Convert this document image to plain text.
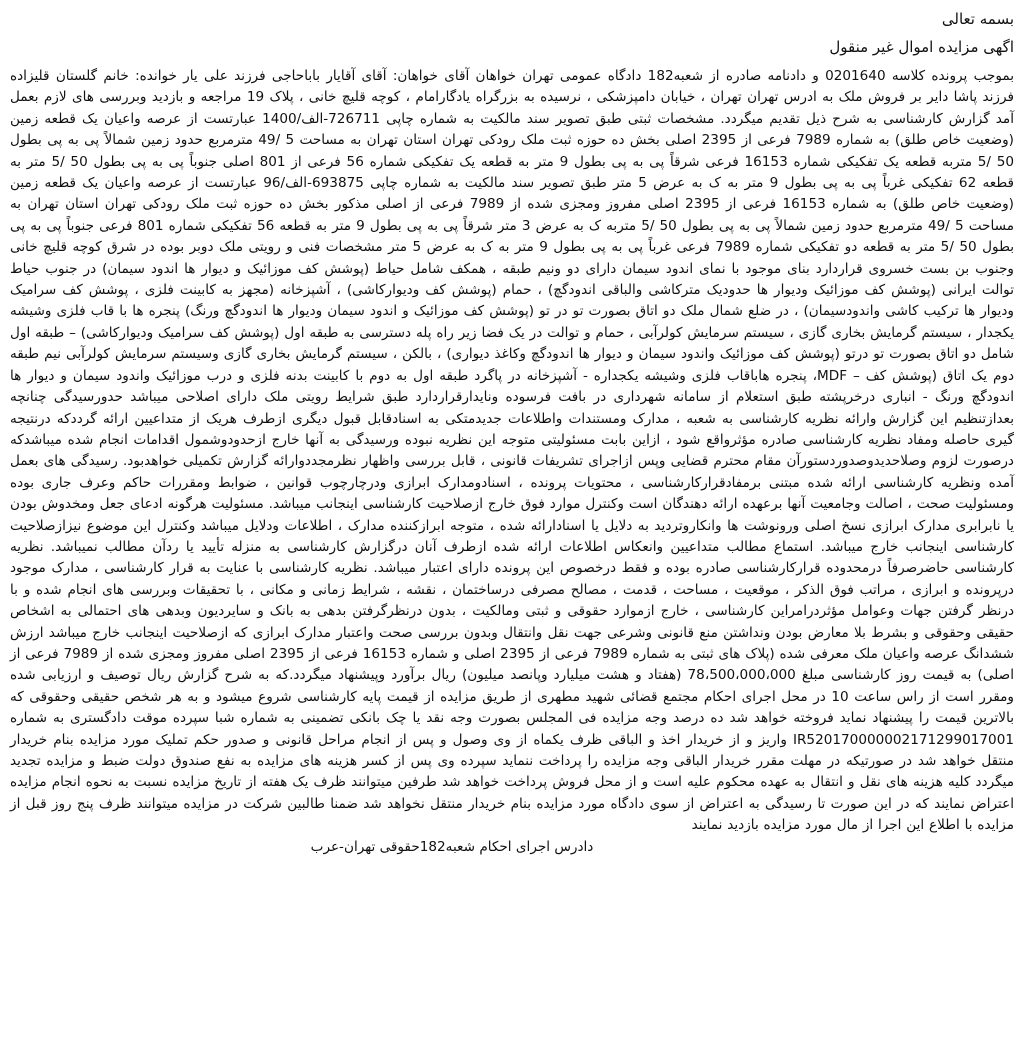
بسمه تعالی
اگهی مزایده اموال غیر منقول

بموجب پرونده کلاسه 0201640 و دادنامه صادره از شعبه182 دادگاه عمومی تهران خواهان آقای خواهان: آقای آقایار باباحاجی فرزند علی یار خوانده: خانم گلستان قلیزاده فرزند پاشا دایر بر فروش ملک به ادرس تهران تهران ، خیابان دامپزشکی ، نرسیده به بزرگراه یادگارامام ، کوچه قلیچ خانی ، پلاک 19 مراجعه و بازدید وبررسی های لازم بعمل آمد گزارش کارشناسی به شرح ذیل تقدیم میگردد. مشخصات ثبتی طبق تصویر سند مالکیت به شماره چاپی 726711-الف/1400 عبارتست از عرصه واعیان یک قطعه زمین (وضعیت خاص طلق) به شماره 7989 فرعی از 2395 اصلی بخش ده حوزه ثبت ملک رودکی تهران استان تهران به مساحت 5 /49 مترمربع حدود زمین شمالاً پی به پی بطول 50 /5 متربه قطعه یک تفکیکی شماره 16153 فرعی شرقاً پی به پی بطول 9 متر به قطعه یک تفکیکی شماره 56 فرعی از 801 اصلی جنوباً پی به پی بطول 50 /5 متر به قطعه 62 تفکیکی غرباً پی به پی بطول 9 متر به ک به عرض 5 متر طبق تصویر سند مالکیت به شماره چاپی 693875-الف/96 عبارتست از عرصه واعیان یک قطعه زمین (وضعیت خاص طلق) به شماره 16153 فرعی از 2395 اصلی مفروز ومجزی شده از 7989 فرعی از اصلی مذکور بخش ده حوزه ثبت ملک رودکی تهران استان تهران به مساحت 5 /49 مترمربع حدود زمین شمالاً پی به پی بطول 50 /5 متربه ک به عرض 3 متر شرقاً پی به پی بطول 9 متر به قطعه 56 تفکیکی شماره 801 فرعی جنوباً پی به پی بطول 50 /5 متر به قطعه دو تفکیکی شماره 7989 فرعی غرباً پی به پی بطول 9 متر به ک به عرض 5 متر مشخصات فنی و رویتی ملک دوبر بوده در شرق کوچه قلیچ خانی وجنوب بن بست خسروی قراردارد بنای موجود با نمای اندود سیمان دارای دو ونیم طبقه ، همکف شامل حیاط (پوشش کف موزائیک و دیوار ها اندود سیمان) در جنوب حیاط توالت ایرانی (پوشش کف موزائیک ودیوار ها حدودیک مترکاشی والباقی اندودگچ) ، حمام (پوشش کف ودیوارکاشی) ، آشپزخانه (مجهز به کابینت فلزی ، پوشش کف سرامیک ودیوار ها ترکیب کاشی واندودسیمان) ، در ضلع شمال ملک دو اتاق بصورت تو در تو (پوشش کف موزائیک و اندود سیمان ودیوار ها اندودگچ ورنگ) پنجره ها با قاب فلزی وشیشه یکجدار ، سیستم گرمایش بخاری گازی ، سیستم سرمایش کولرآبی ، حمام و توالت در یک فضا زیر راه پله دسترسی به طبقه اول (پوشش کف سرامیک ودیوارکاشی) – طبقه اول شامل دو اتاق بصورت تو درتو (پوشش کف موزائیک واندود سیمان و دیوار ها اندودگچ وکاغذ دیواری) ، بالکن ، سیستم گرمایش بخاری گازی وسیستم سرمایش کولرآبی نیم طبقه دوم یک اتاق (پوشش کف – MDF، پنجره هاباقاب فلزی وشیشه یکجداره - آشپزخانه در پاگرد طبقه اول به دوم با کابینت بدنه فلزی و درب موزائیک واندود سیمان و دیوار ها اندودگچ ورنگ - انباری درخرپشته طبق استعلام از سامانه شهرداری در بافت فرسوده ونایدارقراردارد طبق شرایط رویتی ملک دارای اصلاحی میباشد حدورسیدگی چنانچه بعدازتنظیم این گزارش وارائه نظریه کارشناسی به شعبه ، مدارک ومستندات واطلاعات جدیدمتکی به اسنادقابل قبول دیگری ازطرف هریک از متداعیین ارائه گرددکه درنتیجه گیری حاصله ومفاد نظریه کارشناسی صادره مؤثرواقع شود ، ازاین بابت مسئولیتی متوجه این نظریه نبوده ورسیدگی به آنها خارج ازحدودوشمول اقدامات انجام شده میباشدکه درصورت لزوم وصلاحدیدوصدوردستورآن مقام محترم قضایی وپس ازاجرای تشریفات قانونی ، قابل بررسی واظهار نظرمجددوارائه گزارش تکمیلی خواهدبود. رسیدگی های بعمل آمده ونظریه کارشناسی ارائه شده مبتنی برمفادقرارکارشناسی ، محتویات پرونده ، اسنادومدارک ابرازی ودرچارچوب قوانین ، ضوابط ومقررات حاکم وعرف جاری بوده ومسئولیت صحت ، اصالت وجامعیت آنها برعهده ارائه دهندگان است وکنترل موارد فوق خارج ازصلاحیت کارشناسی اینجانب میباشد. مسئولیت هرگونه ادعای جعل ومخدوش بودن یا نابرابری مدارک ابرازی نسخ اصلی ورونوشت ها وانکاروتردید به دلایل یا اسنادارائه شده ، متوجه ابرازکننده مدارک ، اطلاعات ودلایل میباشد وکنترل این موضوع نیزازصلاحیت کارشناسی اینجانب خارج میباشد. استماع مطالب متداعیین وانعکاس اطلاعات ارائه شده ازطرف آنان درگزارش کارشناسی به منزله تأیید یا ردآن مطالب نمیباشد. نظریه کارشناسی حاضرصرفاً درمحدوده قرارکارشناسی صادره بوده و فقط درخصوص این پرونده دارای اعتبار میباشد. نظریه کارشناسی با عنایت به قرار کارشناسی ، مدارک موجود درپرونده و ابرازی ، مراتب فوق الذکر ، موقعیت ، مساحت ، قدمت ، مصالح مصرفی درساختمان ، نقشه ، شرایط زمانی و مکانی ، با تحقیقات وبررسی های انجام شده و با درنظر گرفتن جهات وعوامل مؤثردرامراین کارشناسی ، خارج ازموارد حقوقی و ثبتی ومالکیت ، بدون درنظرگرفتن بدهی به بانک و سایردیون وبدهی های احتمالی به اشخاص حقیقی وحقوقی و بشرط بلا معارض بودن ونداشتن منع قانونی وشرعی جهت نقل وانتقال وبدون بررسی صحت واعتبار مدارک ابرازی که ازصلاحیت اینجانب خارج میباشد ارزش ششدانگ عرصه واعیان ملک معرفی شده (پلاک های ثبتی به شماره 7989 فرعی از 2395 اصلی و شماره 16153 فرعی از 2395 اصلی مفروز ومجزی شده از 7989 فرعی از اصلی) به قیمت روز کارشناسی مبلغ 78،500،000،000 (هفتاد و هشت میلیارد وپانصد میلیون) ریال برآورد وپیشنهاد میگردد.که به شرح گزارش ریال توصیف و ارزیابی شده ومقرر است از راس ساعت 10 در محل اجرای احکام مجتمع قضائی شهید مطهری از طریق مزایده از قیمت پایه کارشناسی شروع میشود و به هر شخص حقیقی وحقوقی که بالاترین قیمت را پیشنهاد نماید فروخته خواهد شد ده درصد وجه مزایده فی المجلس بصورت وجه نقد یا چک بانکی تضمینی به شماره شبا سپرده موقت دادگستری به شماره IR520170000002171299017001 واریز و از خریدار اخذ و الباقی ظرف یکماه از وی وصول و پس از انجام مراحل قانونی و صدور حکم تملیک مورد مزایده بنام خریدار منتقل خواهد شد در صورتیکه در مهلت مقرر خریدار الباقی وجه مزایده را پرداخت ننماید سپرده وی پس از کسر هزینه های مزایده به نفع صندوق دولت ضبط و مزایده تجدید میگردد کلیه هزینه های نقل و انتقال به عهده محکوم علیه است و از محل فروش پرداخت خواهد شد طرفین میتوانند ظرف یک هفته از تاریخ مزایده نسبت به نحوه انجام مزایده اعتراض نمایند که در این صورت تا رسیدگی به اعتراض از سوی دادگاه مورد مزایده بنام خریدار منتقل نخواهد شد ضمنا طالبین شرکت در مزایده میتوانند ظرف پنج روز قبل از مزایده با اطلاع این اجرا از مال مورد مزایده بازدید نمایند

دادرس اجرای احکام شعبه182حقوقی تهران-عرب
